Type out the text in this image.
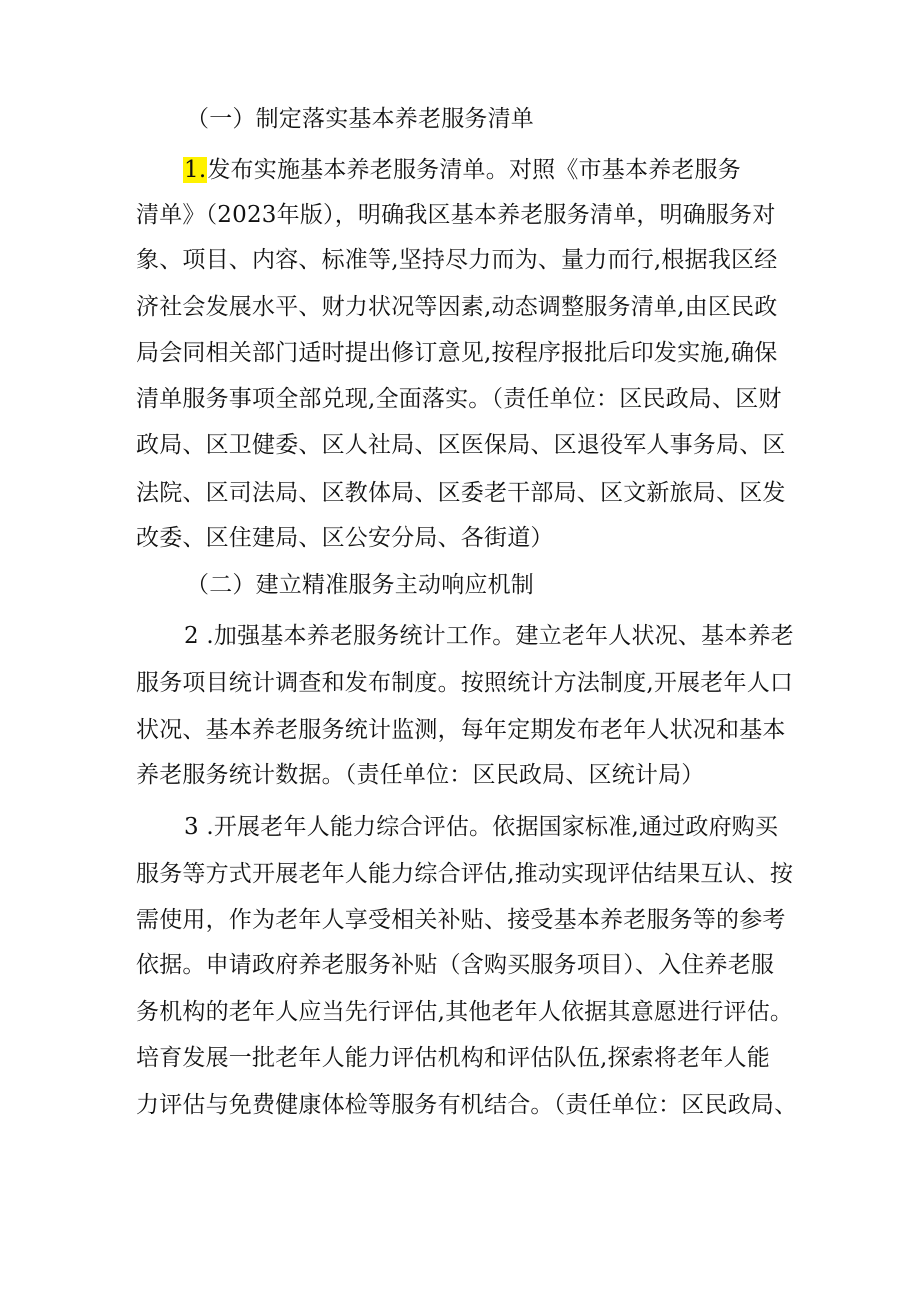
（一）制定落实基本养老服务清单
1.发布实施基本养老服务清单。对照《市基本养老服务
清单》（2023年版），明确我区基本养老服务清单，明确服务对
象、项目、内容、标准等,坚持尽力而为、量力而行,根据我区经
济社会发展水平、财力状况等因素,动态调整服务清单,由区民政
局会同相关部门适时提出修订意见,按程序报批后印发实施,确保
清单服务事项全部兑现,全面落实。（责任单位：区民政局、区财
政局、区卫健委、区人社局、区医保局、区退役军人事务局、区
法院、区司法局、区教体局、区委老干部局、区文新旅局、区发
改委、区住建局、区公安分局、各街道）
（二）建立精准服务主动响应机制
2 .加强基本养老服务统计工作。建立老年人状况、基本养老
服务项目统计调查和发布制度。按照统计方法制度,开展老年人口
状况、基本养老服务统计监测，每年定期发布老年人状况和基本
养老服务统计数据。（责任单位：区民政局、区统计局）
3 .开展老年人能力综合评估。依据国家标准,通过政府购买
服务等方式开展老年人能力综合评估,推动实现评估结果互认、按
需使用，作为老年人享受相关补贴、接受基本养老服务等的参考
依据。申请政府养老服务补贴（含购买服务项目）、入住养老服
务机构的老年人应当先行评估,其他老年人依据其意愿进行评估。
培育发展一批老年人能力评估机构和评估队伍,探索将老年人能
力评估与免费健康体检等服务有机结合。（责任单位：区民政局、
